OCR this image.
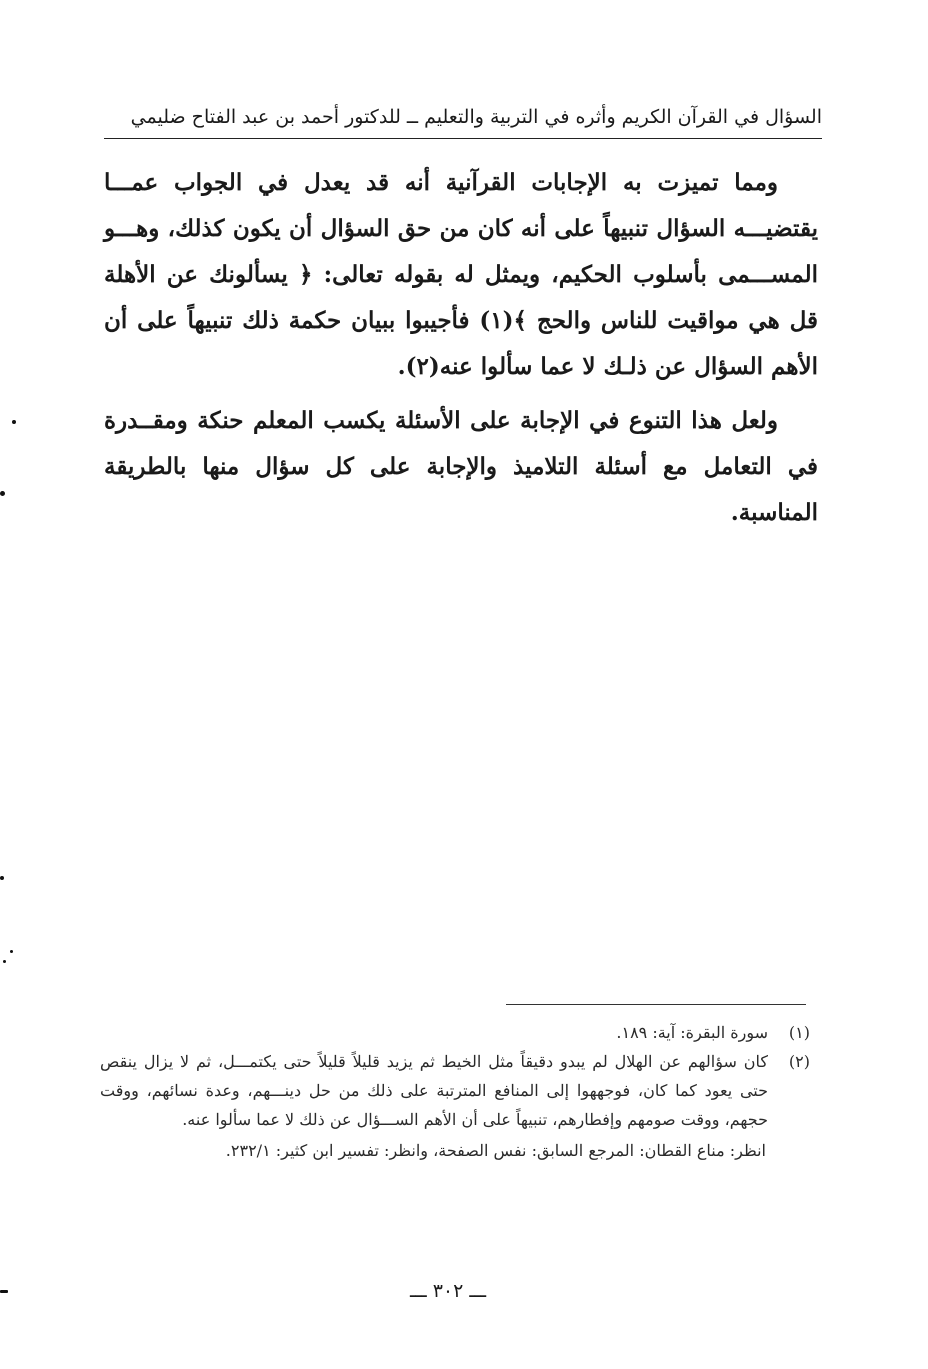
السؤال في القرآن الكريم وأثره في التربية والتعليم ــ للدكتور أحمد بن عبد الفتاح ضليمي

ومما تميزت به الإجابات القرآنية أنه قد يعدل في الجواب عمـــا يقتضيـــه السؤال تنبيهاً على أنه كان من حق السؤال أن يكون كذلك، وهـــو المســـمى بأسلوب الحكيم، ويمثل له بقوله تعالى: ﴿ يسألونك عن الأهلة قل هي مواقيت للناس والحج ﴾(١) فأجيبوا ببيان حكمة ذلك تنبيهاً على أن الأهم السؤال عن ذلـك لا عما سألوا عنه(٢).

ولعل هذا التنوع في الإجابة على الأسئلة يكسب المعلم حنكة ومقــدرة في التعامل مع أسئلة التلاميذ والإجابة على كل سؤال منها بالطريقة المناسبة.

(١)
سورة البقرة: آية: ١٨٩.
(٢)
كان سؤالهم عن الهلال لم يبدو دقيقاً مثل الخيط ثم يزيد قليلاً قليلاً حتى يكتمـــل، ثم لا يزال ينقص حتى يعود كما كان، فوجههوا إلى المنافع المترتبة على ذلك من حل دينـــهم، وعدة نسائهم، ووقت حجهم، ووقت صومهم وإفطارهم، تنبيهاً على أن الأهم الســـؤال عن ذلك لا عما سألوا عنه.
انظر: مناع القطان: المرجع السابق: نفس الصفحة، وانظر: تفسير ابن كثير: ٢٣٢/١.
ـــ ٣٠٢ ـــ
